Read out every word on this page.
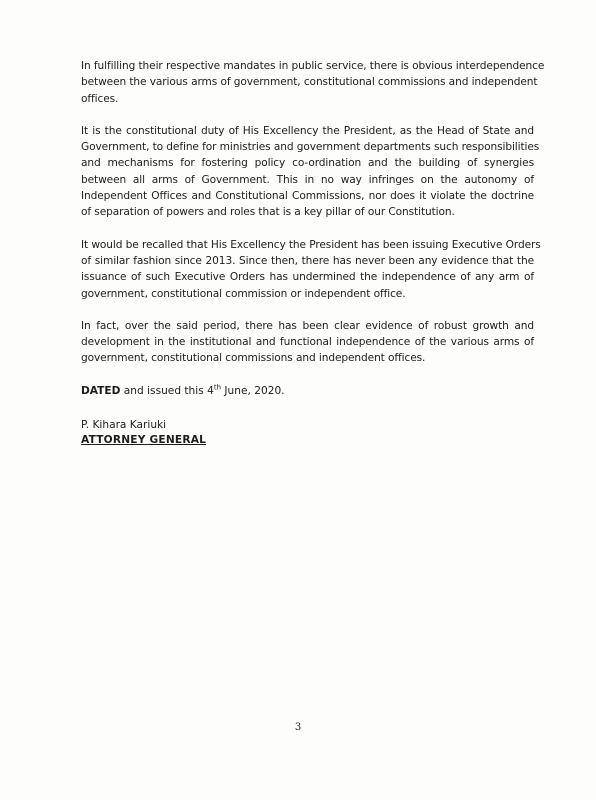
In fulfilling their respective mandates in public service, there is obvious interdependence
between the various arms of government, constitutional commissions and independent
offices.
It is the constitutional duty of His Excellency the President, as the Head of State and
Government, to define for ministries and government departments such responsibilities
and mechanisms for fostering policy co-ordination and the building of synergies
between all arms of Government. This in no way infringes on the autonomy of
Independent Offices and Constitutional Commissions, nor does it violate the doctrine
of separation of powers and roles that is a key pillar of our Constitution.
It would be recalled that His Excellency the President has been issuing Executive Orders
of similar fashion since 2013. Since then, there has never been any evidence that the
issuance of such Executive Orders has undermined the independence of any arm of
government, constitutional commission or independent office.
In fact, over the said period, there has been clear evidence of robust growth and
development in the institutional and functional independence of the various arms of
government, constitutional commissions and independent offices.
DATED and issued this 4th June, 2020.
P. Kihara Kariuki
ATTORNEY GENERAL
3
